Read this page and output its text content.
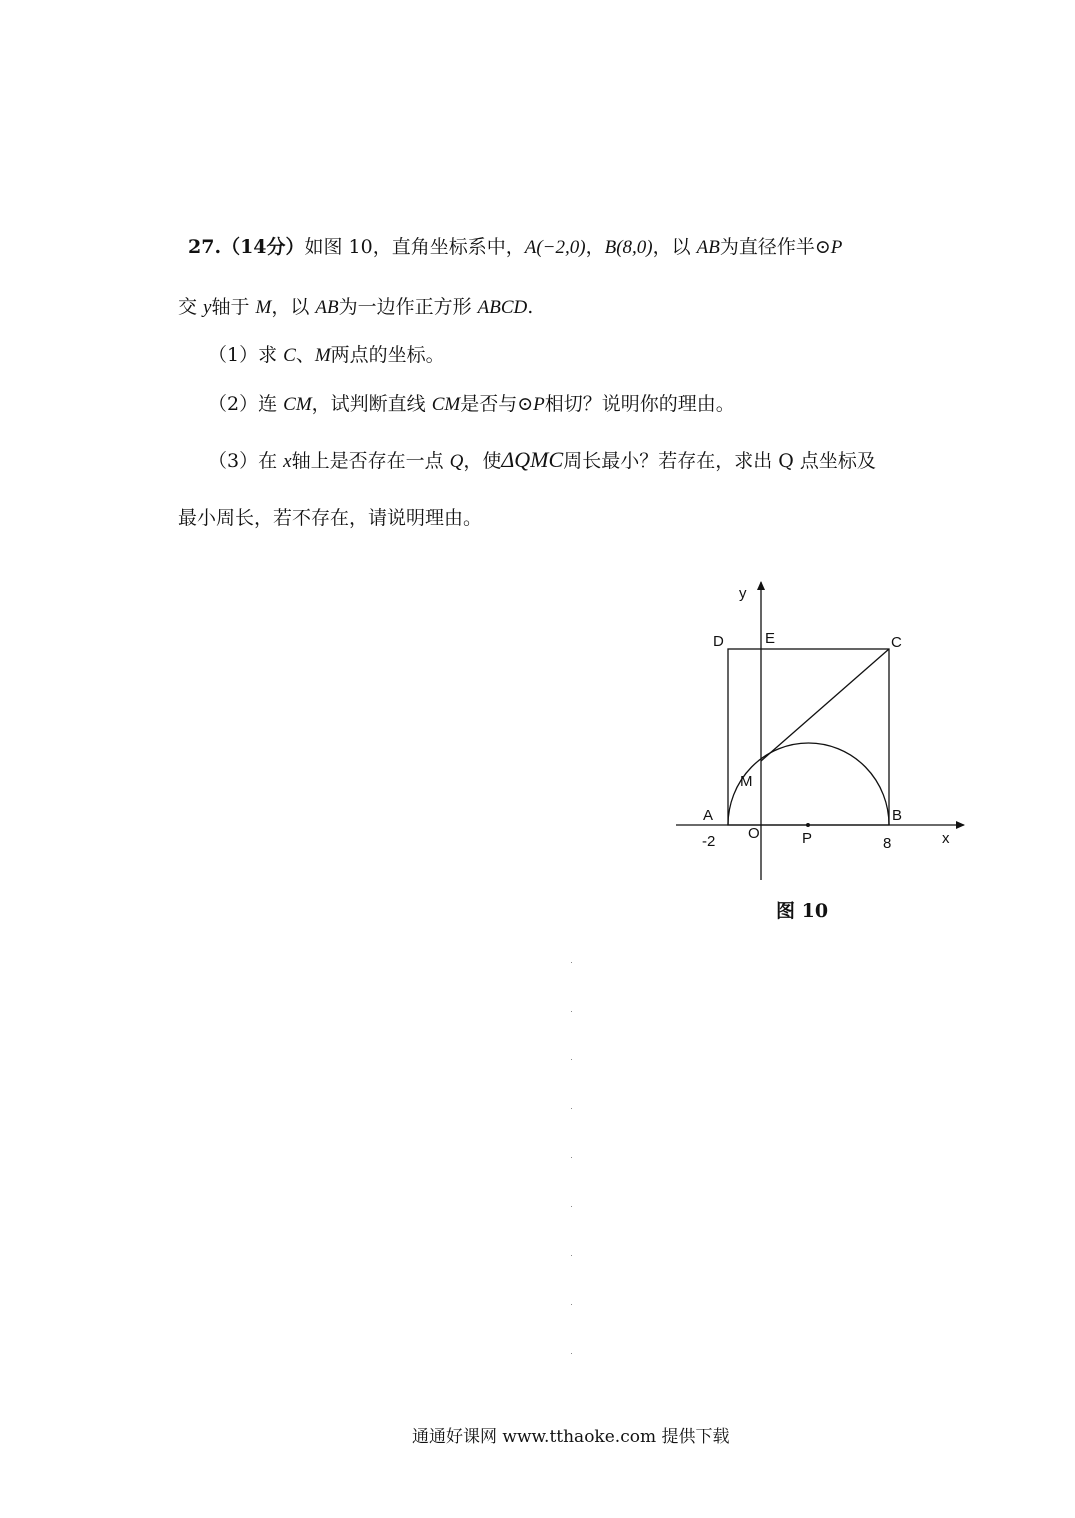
27.（14分）如图 10，直角坐标系中，A(−2,0)，B(8,0)，以 AB为直径作半⊙P
交 y轴于 M，以 AB为一边作正方形 ABCD.
（1）求 C、M两点的坐标。
（2）连 CM，试判断直线 CM是否与⊙P相切？说明你的理由。
（3）在 x轴上是否存在一点 Q，使ΔQMC周长最小？若存在，求出 Q 点坐标及
最小周长，若不存在，请说明理由。
y
x
D	E	C
M
A	B
O	P
-2	8
图 10
通通好课网 www.tthaoke.com 提供下载
